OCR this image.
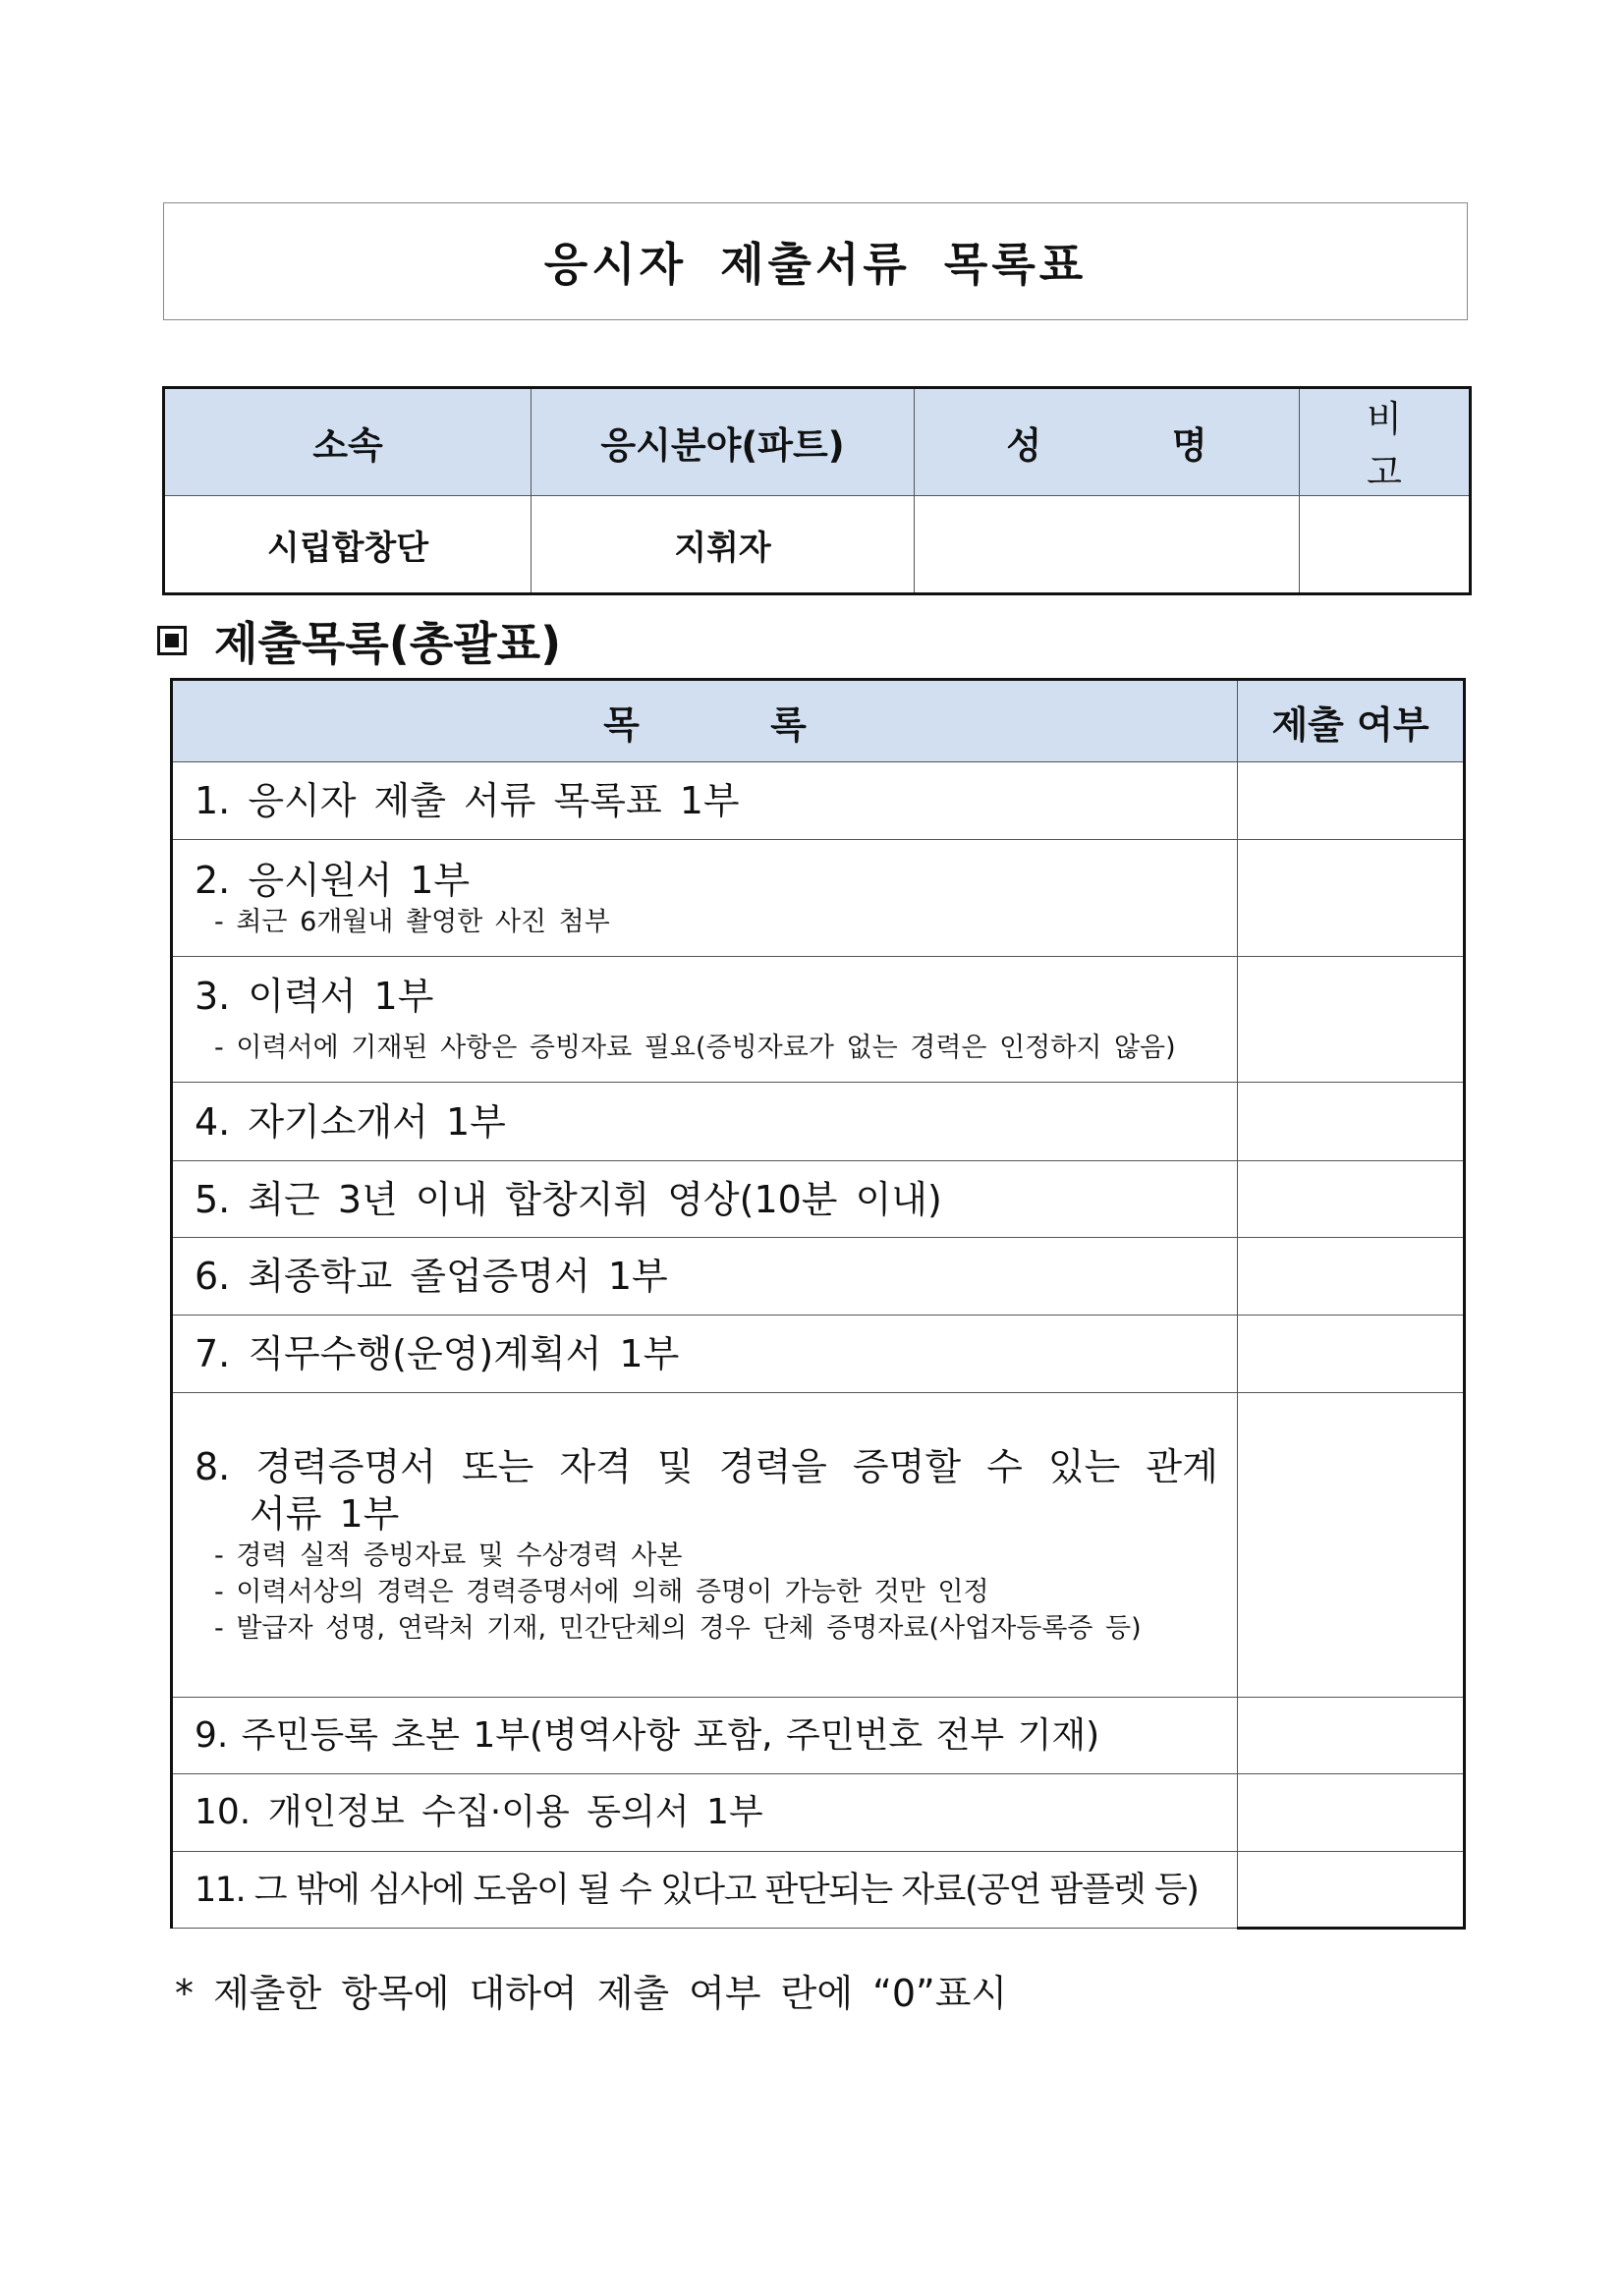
응시자 제출서류 목록표
소속	응시분야(파트)	성 명	비 고
시립합창단	지휘자		
제출목록(총괄표)
목 록	제출 여부

1. 응시자 제출 서류 목록표 1부	

2. 응시원서 1부
- 최근 6개월내 촬영한 사진 첨부	

3. 이력서 1부
- 이력서에 기재된 사항은 증빙자료 필요(증빙자료가 없는 경력은 인정하지 않음)	

4. 자기소개서 1부	

5. 최근 3년 이내 합창지휘 영상(10분 이내)	

6. 최종학교 졸업증명서 1부	

7. 직무수행(운영)계획서 1부	

8. 경력증명서 또는 자격 및 경력을 증명할 수 있는 관계
서류 1부
- 경력 실적 증빙자료 및 수상경력 사본
- 이력서상의 경력은 경력증명서에 의해 증명이 가능한 것만 인정
- 발급자 성명, 연락처 기재, 민간단체의 경우 단체 증명자료(사업자등록증 등)	

9. 주민등록 초본 1부(병역사항 포함, 주민번호 전부 기재)	

10. 개인정보 수집·이용 동의서 1부	

11. 그 밖에 심사에 도움이 될 수 있다고 판단되는 자료(공연 팜플렛 등)	

* 제출한 항목에 대하여 제출 여부 란에 “0”표시
